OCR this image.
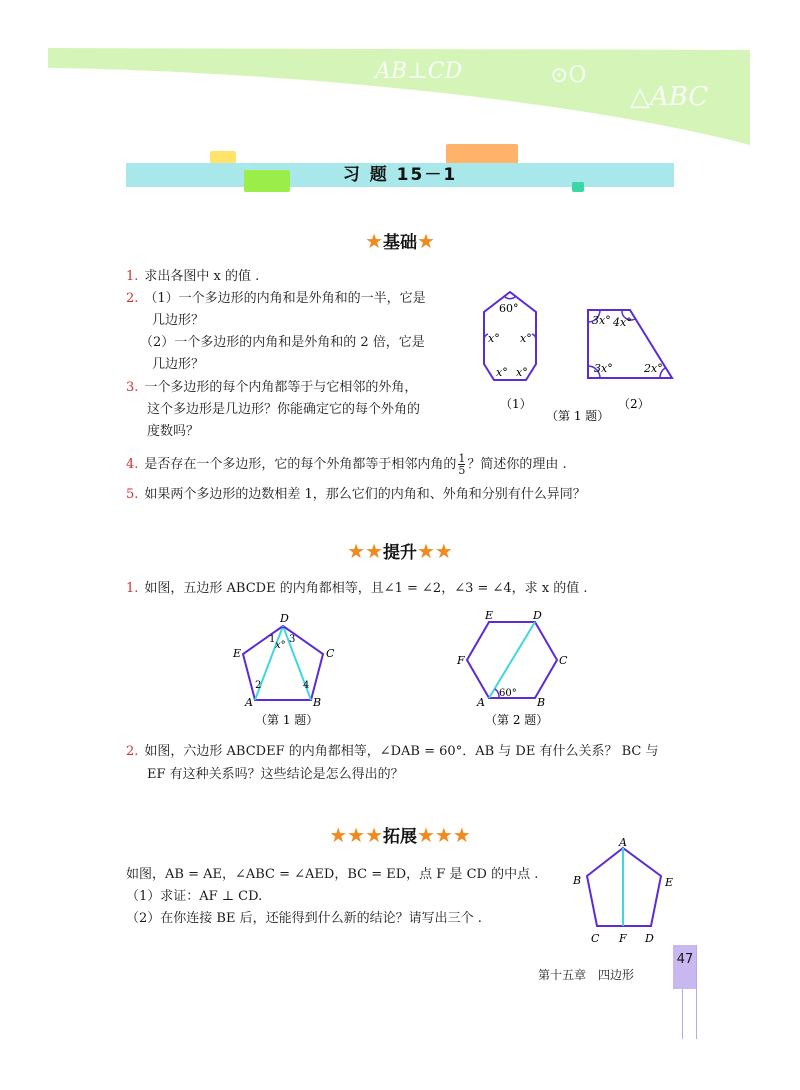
AB⊥CD	⊙O
△ABC
习 题 15－1
★基础★
1. 求出各图中 x 的值 .
2. （1）一个多边形的内角和是外角和的一半，它是
几边形？
（2）一个多边形的内角和是外角和的 2 倍，它是
几边形？
3. 一个多边形的每个内角都等于与它相邻的外角，
这个多边形是几边形？你能确定它的每个外角的
度数吗？
4. 是否存在一个多边形，它的每个外角都等于相邻内角的 $\frac{1}{5}$ ？简述你的理由 .
5. 如果两个多边形的边数相差 1，那么它们的内角和、外角和分别有什么异同？
60°
x° x°
x° x°
3x° 4x°
3x°	2x°
（1）	（2）
（第 1 题）
★★提升★★
1. 如图，五边形 ABCDE 的内角都相等，且∠1 = ∠2，∠3 = ∠4，求 x 的值 .
D
C
E
A	B
1 3
x°
2	4
（第 1 题）
E	D
C
F
A	B
60°
（第 2 题）
2. 如图，六边形 ABCDEF 的内角都相等，∠DAB = 60°．AB 与 DE 有什么关系？ BC 与
EF 有这种关系吗？这些结论是怎么得出的？
★★★拓展★★★
如图，AB = AE，∠ABC = ∠AED，BC = ED，点 F 是 CD 的中点 .
（1）求证：AF ⊥ CD.
（2）在你连接 BE 后，还能得到什么新的结论？请写出三个 .
A
B	E
C F D
第十五章　四边形
47
